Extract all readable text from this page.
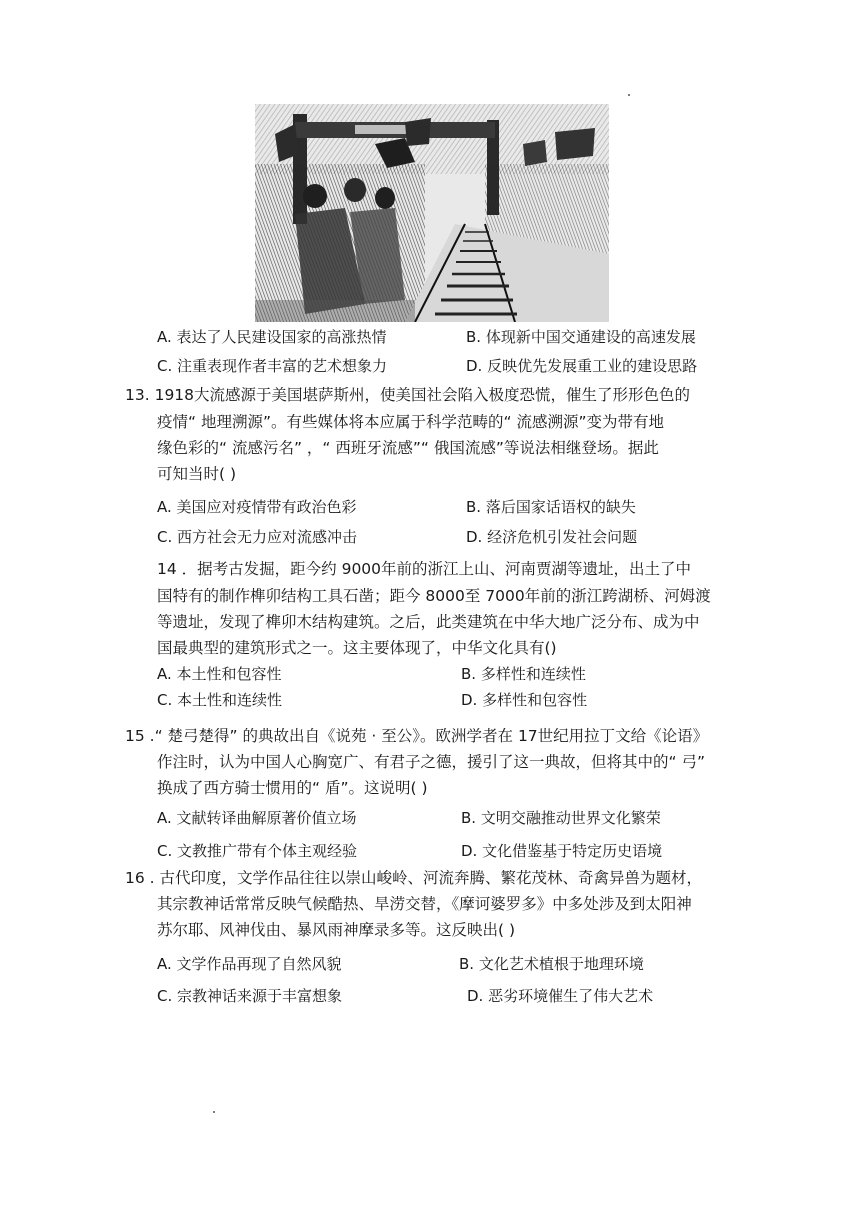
A. 表达了人民建设国家的高涨热情	B. 体现新中国交通建设的高速发展
C. 注重表现作者丰富的艺术想象力	D. 反映优先发展重工业的建设思路
13. 1918大流感源于美国堪萨斯州，使美国社会陷入极度恐慌，催生了形形色色的
疫情“ 地理溯源”。有些媒体将本应属于科学范畴的“ 流感溯源”变为带有地
缘色彩的“ 流感污名” ，“ 西班牙流感”“ 俄国流感”等说法相继登场。据此
可知当时( )
A. 美国应对疫情带有政治色彩	B. 落后国家话语权的缺失
C. 西方社会无力应对流感冲击	D. 经济危机引发社会问题
14 ．据考古发掘，距今约 9000年前的浙江上山、河南贾湖等遗址，出土了中
国特有的制作榫卯结构工具石凿；距今 8000至 7000年前的浙江跨湖桥、河姆渡
等遗址，发现了榫卯木结构建筑。之后，此类建筑在中华大地广泛分布、成为中
国最典型的建筑形式之一。这主要体现了，中华文化具有()
A. 本土性和包容性	B. 多样性和连续性
C. 本土性和连续性	D. 多样性和包容性
15 .“ 楚弓楚得” 的典故出自《说苑 · 至公》。欧洲学者在 17世纪用拉丁文给《论语》
作注时，认为中国人心胸宽广、有君子之德，援引了这一典故，但将其中的“ 弓”
换成了西方骑士惯用的“ 盾”。这说明( )
A. 文献转译曲解原著价值立场	B. 文明交融推动世界文化繁荣
C. 文教推广带有个体主观经验	D. 文化借鉴基于特定历史语境
16 . 古代印度，文学作品往往以崇山峻岭、河流奔腾、繁花茂林、奇禽异兽为题材，
其宗教神话常常反映气候酷热、旱涝交替，《摩诃婆罗多》中多处涉及到太阳神
苏尔耶、风神伐由、暴风雨神摩录多等。这反映出( )
A. 文学作品再现了自然风貌	B. 文化艺术植根于地理环境
C. 宗教神话来源于丰富想象	D. 恶劣环境催生了伟大艺术
